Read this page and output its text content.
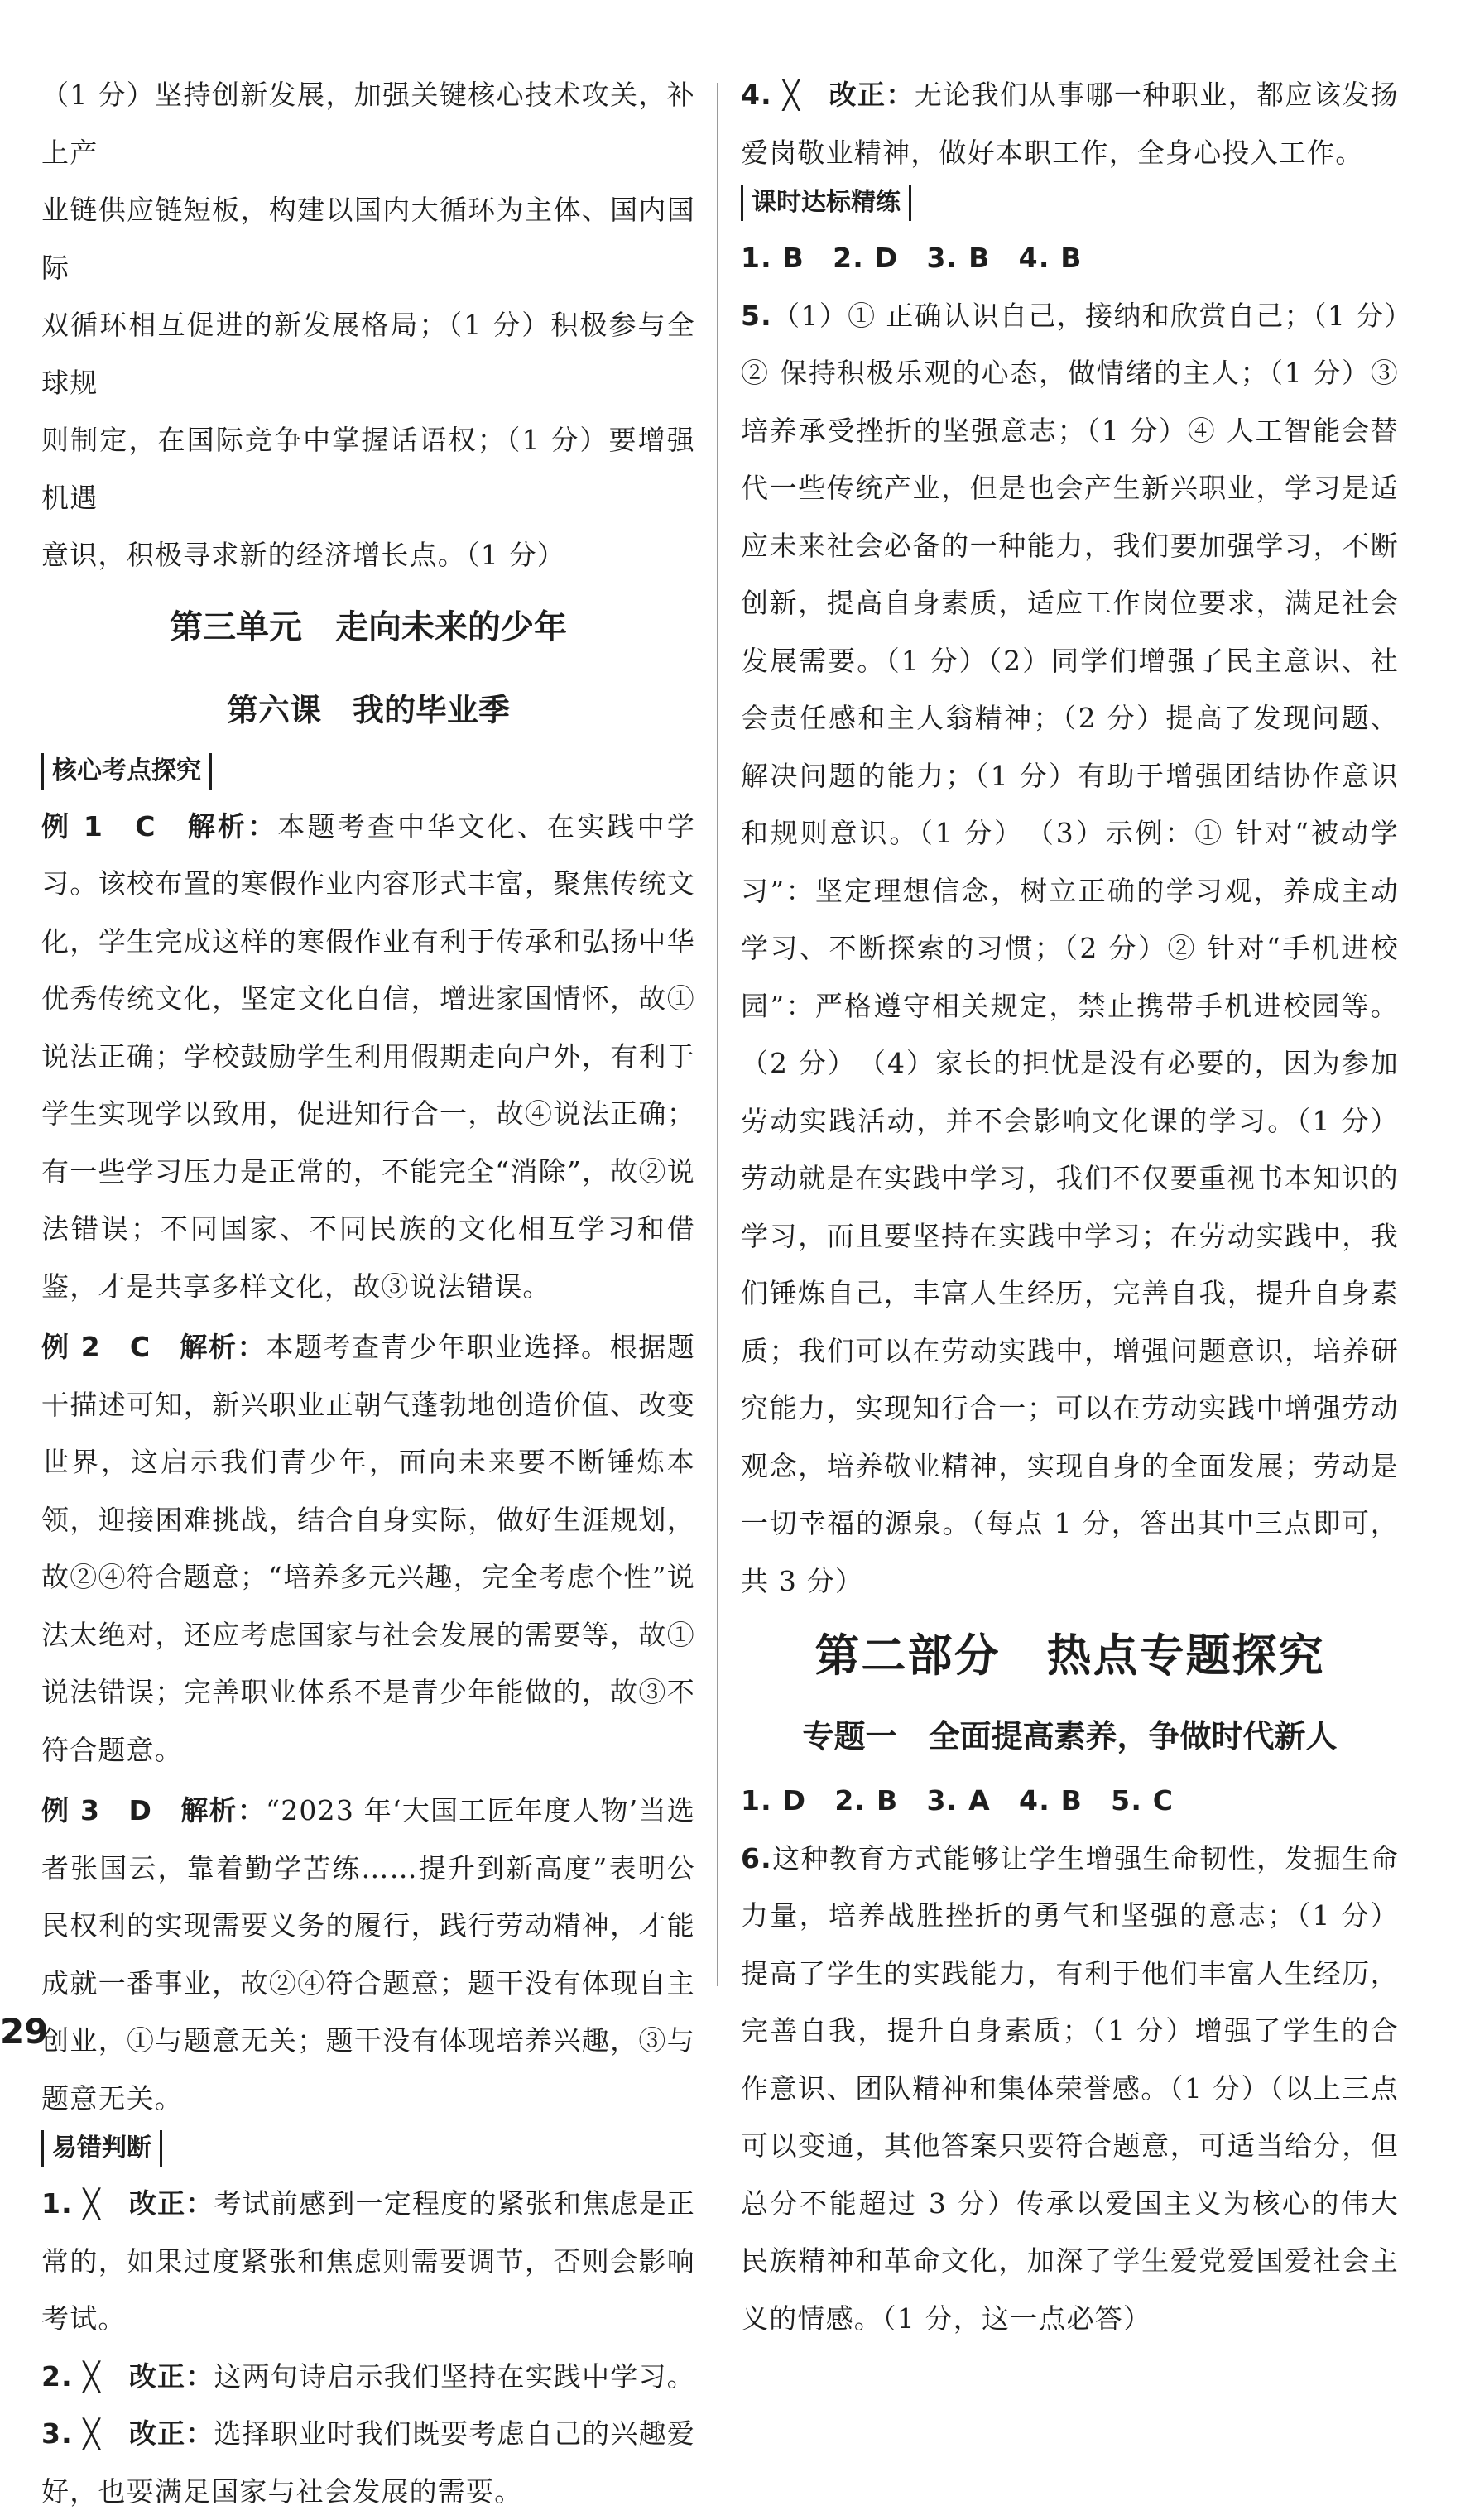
（1 分）坚持创新发展，加强关键核心技术攻关，补上产

业链供应链短板，构建以国内大循环为主体、国内国际

双循环相互促进的新发展格局；（1 分）积极参与全球规

则制定，在国际竞争中掌握话语权；（1 分）要增强机遇

意识，积极寻求新的经济增长点。（1 分）

第三单元　走向未来的少年
第六课　我的毕业季
核心考点探究

例 1　C　解析：本题考查中华文化、在实践中学习。该校布置的寒假作业内容形式丰富，聚焦传统文化，学生完成这样的寒假作业有利于传承和弘扬中华优秀传统文化，坚定文化自信，增进家国情怀，故①说法正确；学校鼓励学生利用假期走向户外，有利于学生实现学以致用，促进知行合一，故④说法正确；有一些学习压力是正常的，不能完全“消除”，故②说法错误；不同国家、不同民族的文化相互学习和借鉴，才是共享多样文化，故③说法错误。

例 2　C　解析：本题考查青少年职业选择。根据题干描述可知，新兴职业正朝气蓬勃地创造价值、改变世界，这启示我们青少年，面向未来要不断锤炼本领，迎接困难挑战，结合自身实际，做好生涯规划，故②④符合题意；“培养多元兴趣，完全考虑个性”说法太绝对，还应考虑国家与社会发展的需要等，故①说法错误；完善职业体系不是青少年能做的，故③不符合题意。

例 3　D　解析：“2023 年‘大国工匠年度人物’当选者张国云，靠着勤学苦练……提升到新高度”表明公民权利的实现需要义务的履行，践行劳动精神，才能成就一番事业，故②④符合题意；题干没有体现自主创业，①与题意无关；题干没有体现培养兴趣，③与题意无关。

易错判断

1. ╳　改正：考试前感到一定程度的紧张和焦虑是正常的，如果过度紧张和焦虑则需要调节，否则会影响考试。

2. ╳　改正：这两句诗启示我们坚持在实践中学习。

3. ╳　改正：选择职业时我们既要考虑自己的兴趣爱好，也要满足国家与社会发展的需要。

4. ╳　改正：无论我们从事哪一种职业，都应该发扬爱岗敬业精神，做好本职工作，全身心投入工作。

课时达标精练

1. B　2. D　3. B　4. B

5.（1）① 正确认识自己，接纳和欣赏自己；（1 分）② 保持积极乐观的心态，做情绪的主人；（1 分）③ 培养承受挫折的坚强意志；（1 分）④ 人工智能会替代一些传统产业，但是也会产生新兴职业，学习是适应未来社会必备的一种能力，我们要加强学习，不断创新，提高自身素质，适应工作岗位要求，满足社会发展需要。（1 分）（2）同学们增强了民主意识、社会责任感和主人翁精神；（2 分）提高了发现问题、解决问题的能力；（1 分）有助于增强团结协作意识和规则意识。（1 分）　（3）示例：① 针对“被动学习”：坚定理想信念，树立正确的学习观，养成主动学习、不断探索的习惯；（2 分）② 针对“手机进校园”：严格遵守相关规定，禁止携带手机进校园等。（2 分）　（4）家长的担忧是没有必要的，因为参加劳动实践活动，并不会影响文化课的学习。（1 分）劳动就是在实践中学习，我们不仅要重视书本知识的学习，而且要坚持在实践中学习；在劳动实践中，我们锤炼自己，丰富人生经历，完善自我，提升自身素质；我们可以在劳动实践中，增强问题意识，培养研究能力，实现知行合一；可以在劳动实践中增强劳动观念，培养敬业精神，实现自身的全面发展；劳动是一切幸福的源泉。（每点 1 分，答出其中三点即可，共 3 分）

第二部分　热点专题探究
专题一　全面提高素养，争做时代新人

1. D　2. B　3. A　4. B　5. C

6.这种教育方式能够让学生增强生命韧性，发掘生命力量，培养战胜挫折的勇气和坚强的意志；（1 分）提高了学生的实践能力，有利于他们丰富人生经历，完善自我，提升自身素质；（1 分）增强了学生的合作意识、团队精神和集体荣誉感。（1 分）（以上三点可以变通，其他答案只要符合题意，可适当给分，但总分不能超过 3 分）传承以爱国主义为核心的伟大民族精神和革命文化，加深了学生爱党爱国爱社会主义的情感。（1 分，这一点必答）

29
